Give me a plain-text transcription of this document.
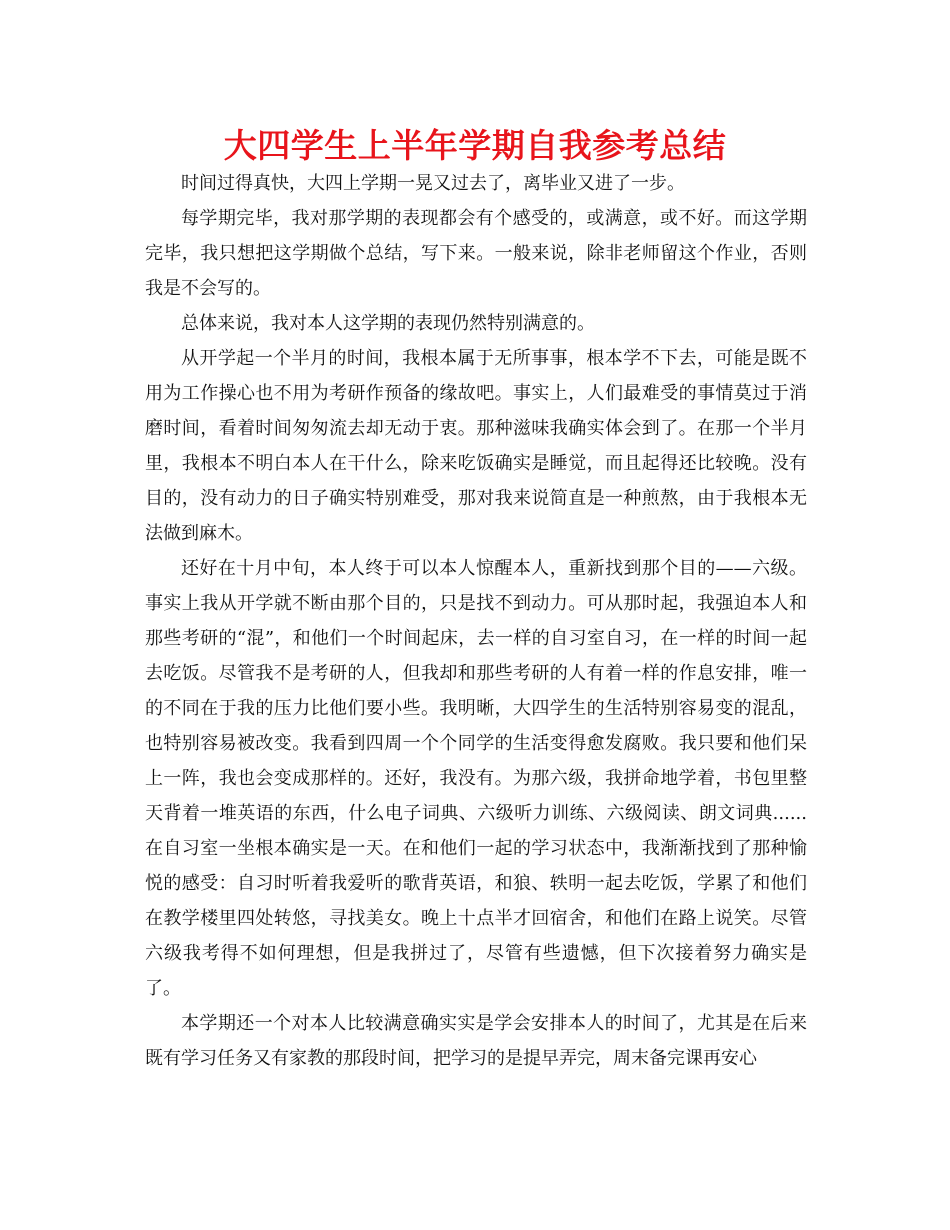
大四学生上半年学期自我参考总结

时间过得真快，大四上学期一晃又过去了，离毕业又进了一步。

每学期完毕，我对那学期的表现都会有个感受的，或满意，或不好。而这学期完毕，我只想把这学期做个总结，写下来。一般来说，除非老师留这个作业，否则我是不会写的。

总体来说，我对本人这学期的表现仍然特别满意的。

从开学起一个半月的时间，我根本属于无所事事，根本学不下去，可能是既不用为工作操心也不用为考研作预备的缘故吧。事实上，人们最难受的事情莫过于消磨时间，看着时间匆匆流去却无动于衷。那种滋味我确实体会到了。在那一个半月里，我根本不明白本人在干什么，除来吃饭确实是睡觉，而且起得还比较晚。没有目的，没有动力的日子确实特别难受，那对我来说简直是一种煎熬，由于我根本无法做到麻木。

还好在十月中旬，本人终于可以本人惊醒本人，重新找到那个目的——六级。事实上我从开学就不断由那个目的，只是找不到动力。可从那时起，我强迫本人和那些考研的“混”，和他们一个时间起床，去一样的自习室自习，在一样的时间一起去吃饭。尽管我不是考研的人，但我却和那些考研的人有着一样的作息安排，唯一的不同在于我的压力比他们要小些。我明晰，大四学生的生活特别容易变的混乱，也特别容易被改变。我看到四周一个个同学的生活变得愈发腐败。我只要和他们呆上一阵，我也会变成那样的。还好，我没有。为那六级，我拼命地学着，书包里整天背着一堆英语的东西，什么电子词典、六级听力训练、六级阅读、朗文词典......在自习室一坐根本确实是一天。在和他们一起的学习状态中，我渐渐找到了那种愉悦的感受：自习时听着我爱听的歌背英语，和狼、轶明一起去吃饭，学累了和他们在教学楼里四处转悠，寻找美女。晚上十点半才回宿舍，和他们在路上说笑。尽管六级我考得不如何理想，但是我拼过了，尽管有些遗憾，但下次接着努力确实是了。

本学期还一个对本人比较满意确实实是学会安排本人的时间了，尤其是在后来既有学习任务又有家教的那段时间，把学习的是提早弄完，周末备完课再安心
